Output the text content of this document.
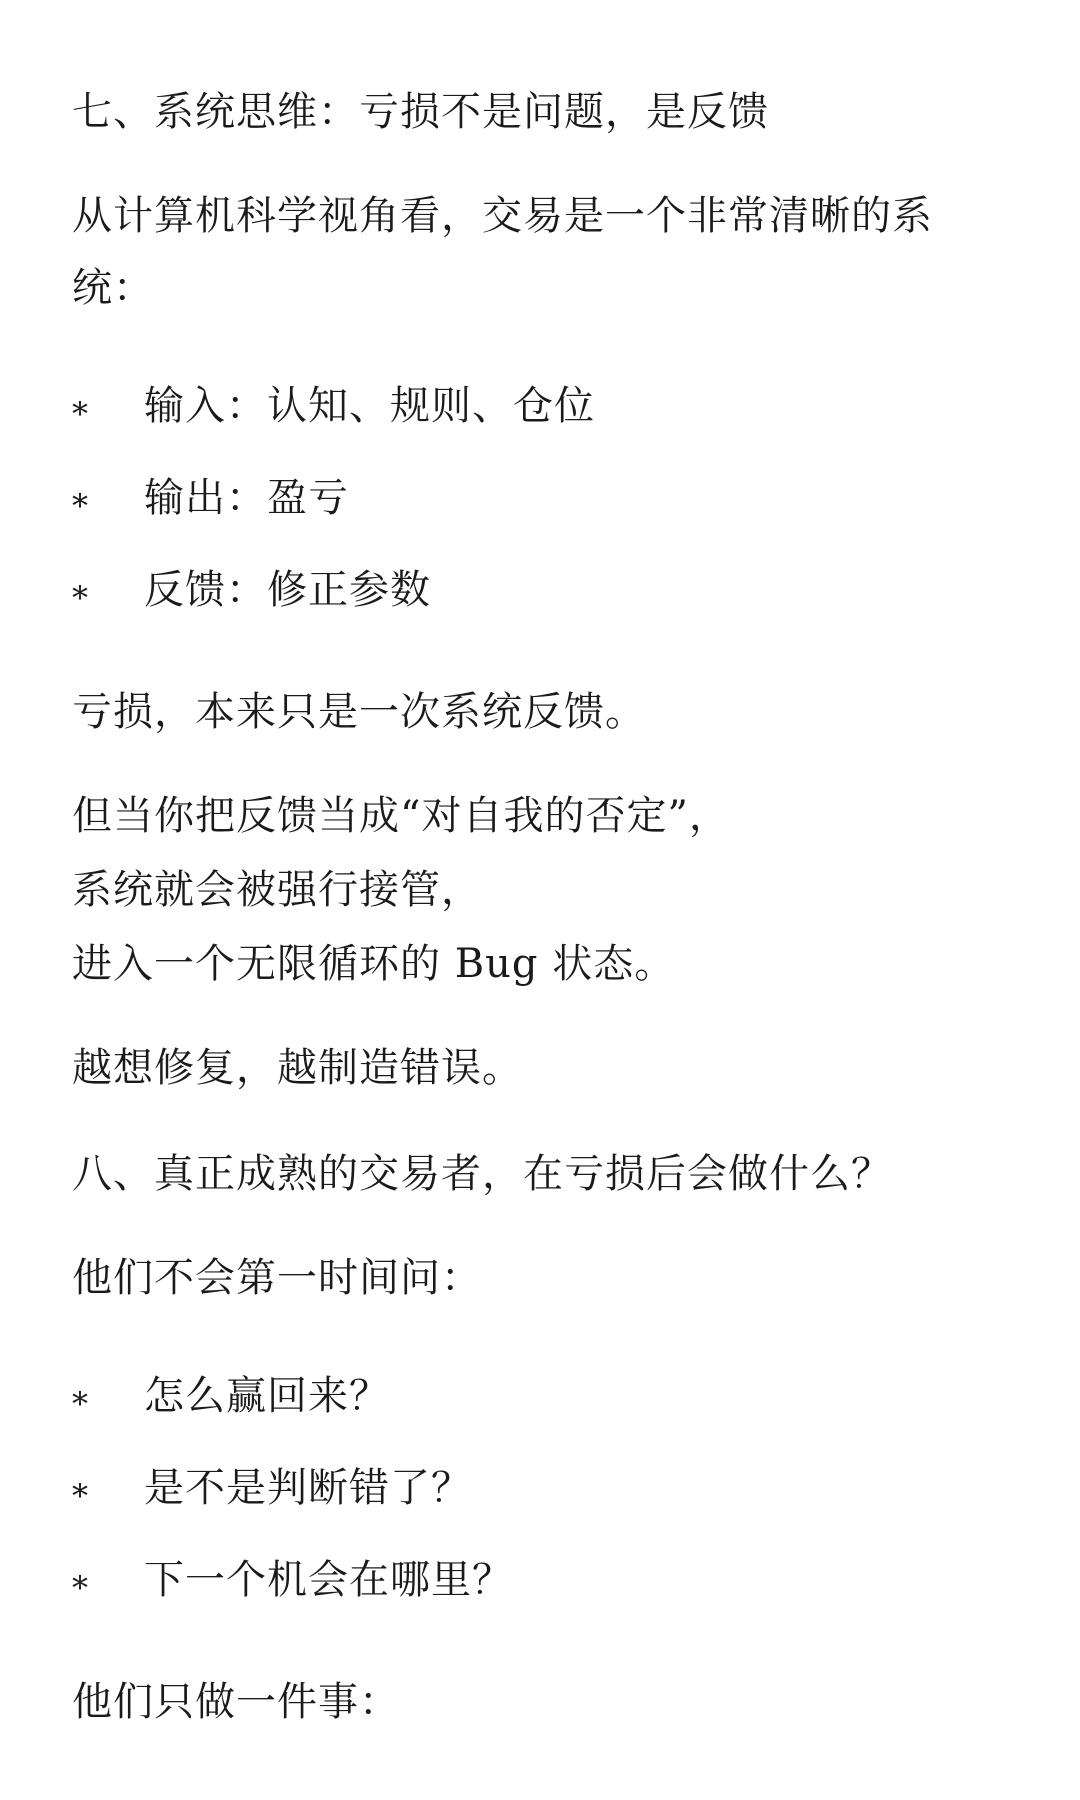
七、系统思维：亏损不是问题，是反馈
从计算机科学视角看，交易是一个非常清晰的系
统：
* 输入：认知、规则、仓位
* 输出：盈亏
* 反馈：修正参数
亏损，本来只是一次系统反馈。
但当你把反馈当成“对自我的否定”，
系统就会被强行接管，
进入一个无限循环的 Bug 状态。
越想修复，越制造错误。
八、真正成熟的交易者，在亏损后会做什么？
他们不会第一时间问：
* 怎么赢回来？
* 是不是判断错了？
* 下一个机会在哪里？
他们只做一件事：
